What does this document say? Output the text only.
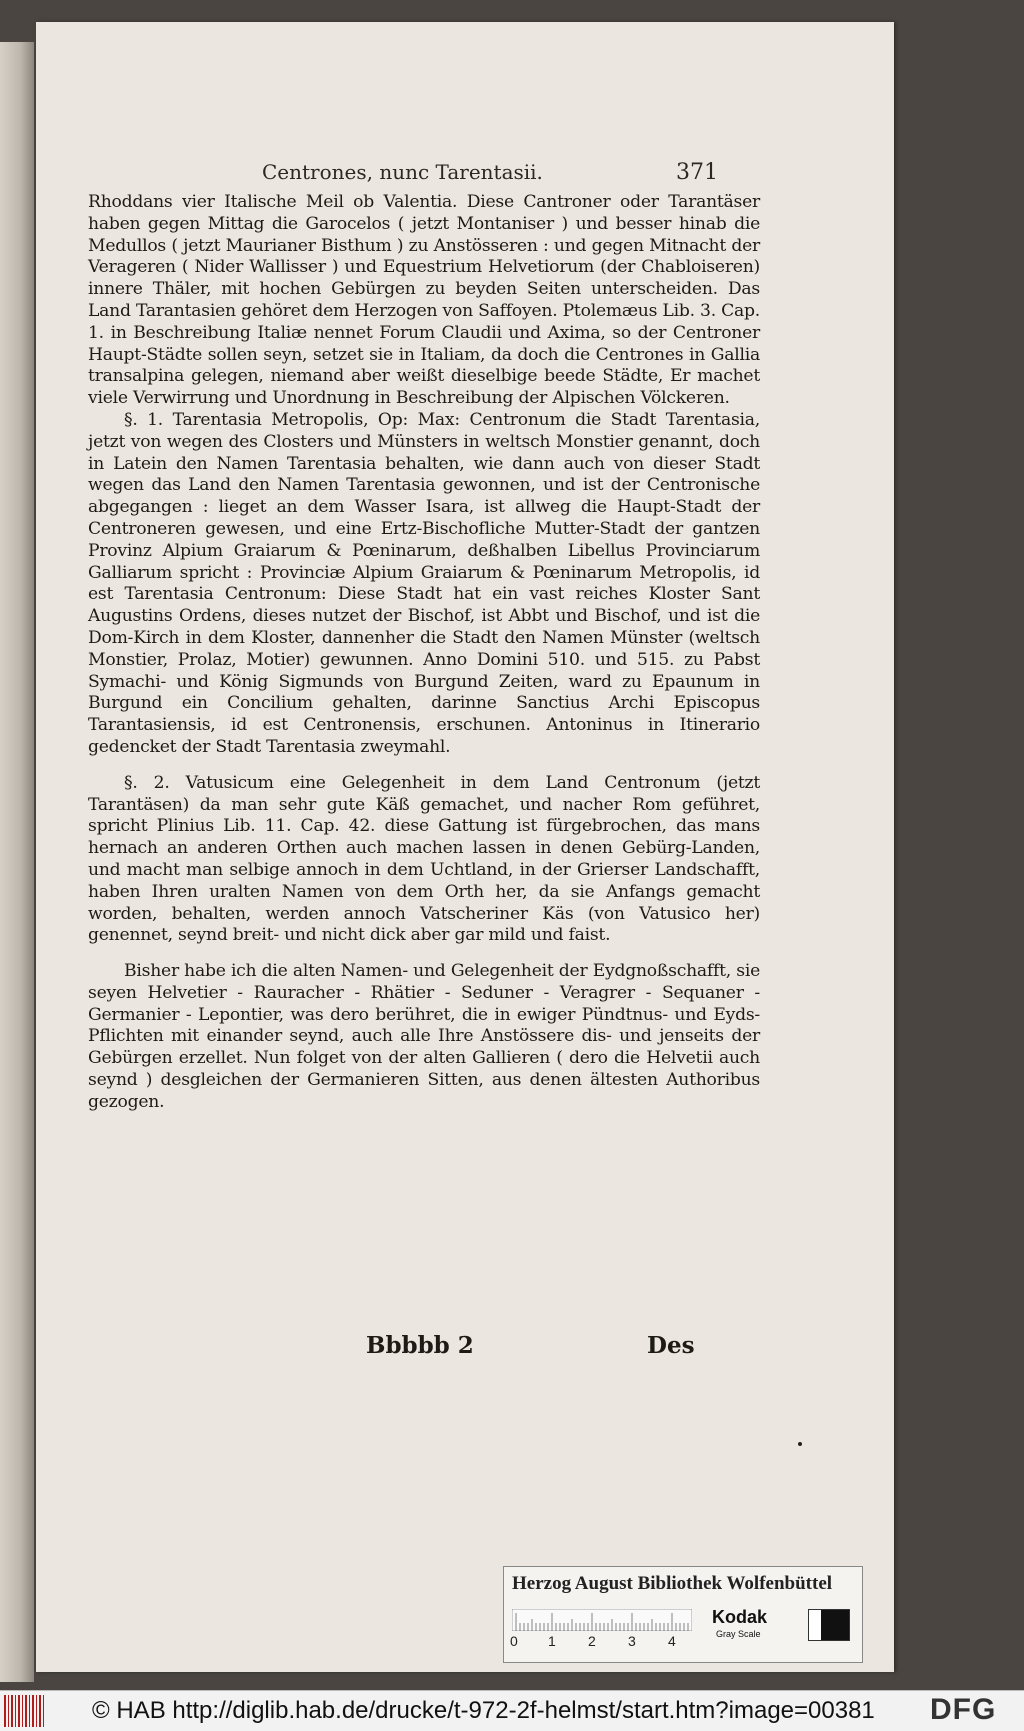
Centrones, nunc Tarentasii.	371

Rhoddans vier Italische Meil ob Valentia. Diese Cantroner oder Tarantäser haben gegen Mittag die Garocelos ( jetzt Montaniser ) und besser hinab die Medullos ( jetzt Maurianer Bisthum ) zu Anstösseren : und gegen Mitnacht der Verageren ( Nider Wallisser ) und Equestrium Helvetiorum (der Chabloiseren) innere Thäler, mit hochen Gebürgen zu beyden Seiten unterscheiden. Das Land Tarantasien gehöret dem Herzogen von Saffoyen. Ptolemæus Lib. 3. Cap. 1. in Beschreibung Italiæ nennet Forum Claudii und Axima, so der Centroner Haupt-Städte sollen seyn, setzet sie in Italiam, da doch die Centrones in Gallia transalpina gelegen, niemand aber weißt dieselbige beede Städte, Er machet viele Verwirrung und Unordnung in Beschreibung der Alpischen Völckeren.

§. 1. Tarentasia Metropolis, Op: Max: Centronum die Stadt Tarentasia, jetzt von wegen des Closters und Münsters in weltsch Monstier genannt, doch in Latein den Namen Tarentasia behalten, wie dann auch von dieser Stadt wegen das Land den Namen Tarentasia gewonnen, und ist der Centronische abgegangen : lieget an dem Wasser Isara, ist allweg die Haupt-Stadt der Centroneren gewesen, und eine Ertz-Bischofliche Mutter-Stadt der gantzen Provinz Alpium Graiarum & Pœninarum, deßhalben Libellus Provinciarum Galliarum spricht : Provinciæ Alpium Graiarum & Pœninarum Metropolis, id est Tarentasia Centronum: Diese Stadt hat ein vast reiches Kloster Sant Augustins Ordens, dieses nutzet der Bischof, ist Abbt und Bischof, und ist die Dom-Kirch in dem Kloster, dannenher die Stadt den Namen Münster (weltsch Monstier, Prolaz, Motier) gewunnen. Anno Domini 510. und 515. zu Pabst Symachi- und König Sigmunds von Burgund Zeiten, ward zu Epaunum in Burgund ein Concilium gehalten, darinne Sanctius Archi Episcopus Tarantasiensis, id est Centronensis, erschunen. Antoninus in Itinerario gedencket der Stadt Tarentasia zweymahl.

§. 2. Vatusicum eine Gelegenheit in dem Land Centronum (jetzt Tarantäsen) da man sehr gute Käß gemachet, und nacher Rom geführet, spricht Plinius Lib. 11. Cap. 42. diese Gattung ist fürgebrochen, das mans hernach an anderen Orthen auch machen lassen in denen Gebürg-Landen, und macht man selbige annoch in dem Uchtland, in der Grierser Landschafft, haben Ihren uralten Namen von dem Orth her, da sie Anfangs gemacht worden, behalten, werden annoch Vatscheriner Käs (von Vatusico her) genennet, seynd breit- und nicht dick aber gar mild und faist.

Bisher habe ich die alten Namen- und Gelegenheit der Eydgnoßschafft, sie seyen Helvetier - Rauracher - Rhätier - Seduner - Veragrer - Sequaner - Germanier - Lepontier, was dero berühret, die in ewiger Pündtnus- und Eyds-Pflichten mit einander seynd, auch alle Ihre Anstössere dis- und jenseits der Gebürgen erzellet. Nun folget von der alten Gallieren ( dero die Helvetii auch seynd ) desgleichen der Germanieren Sitten, aus denen ältesten Authoribus gezogen.

Bbbbb 2	Des
Herzog August Bibliothek Wolfenbüttel
0 1 2 3 4
Kodak
Gray Scale
© HAB http://diglib.hab.de/drucke/t-972-2f-helmst/start.htm?image=00381 DFG
